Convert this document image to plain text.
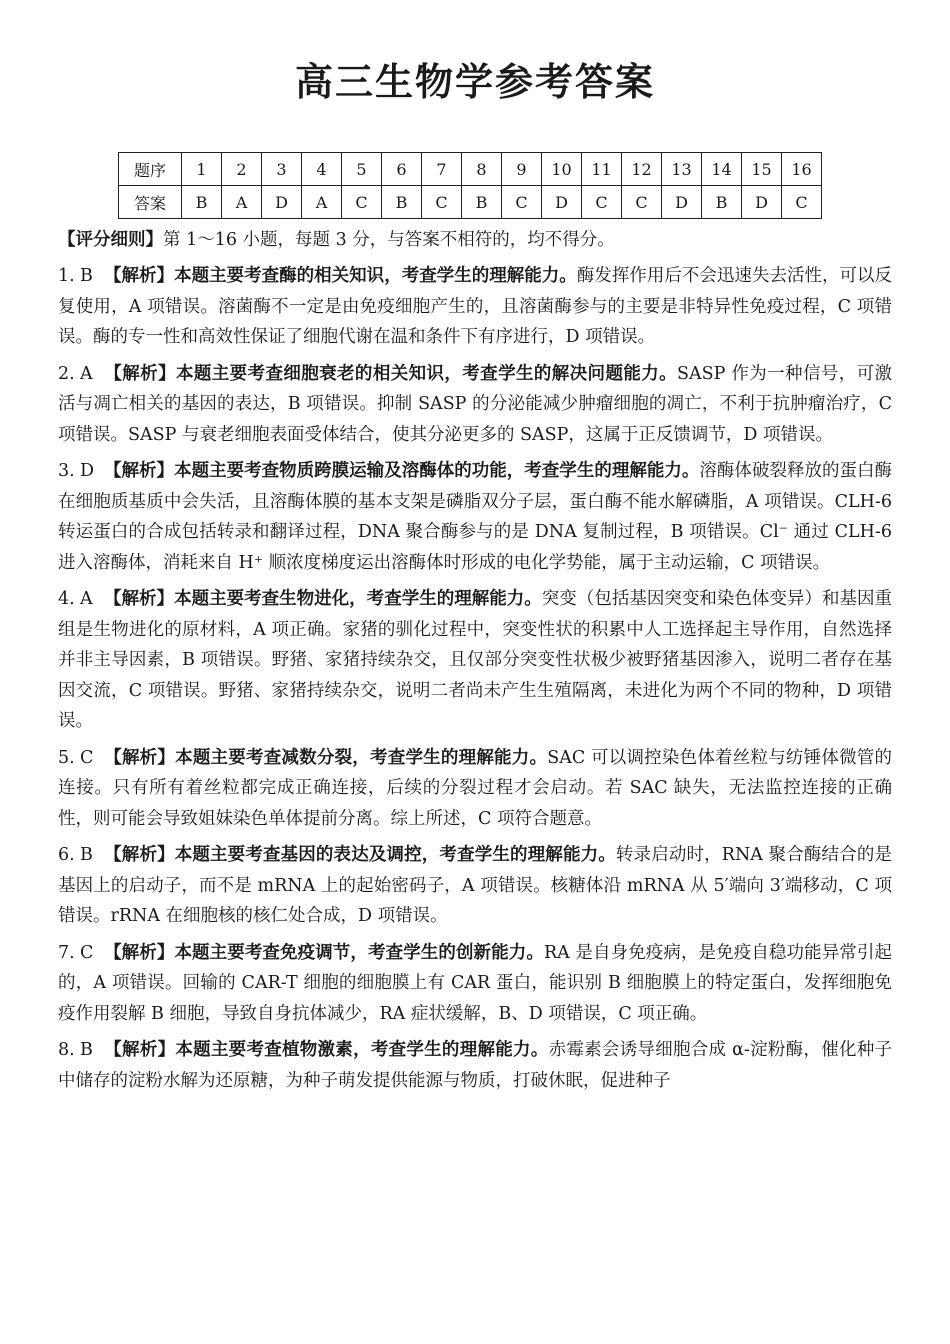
高三生物学参考答案
题序	1	2	3	4	5	6	7	8	9	10	11	12	13	14	15	16
答案	B	A	D	A	C	B	C	B	C	D	C	C	D	B	D	C
【评分细则】第 1～16 小题，每题 3 分，与答案不相符的，均不得分。
1. B 【解析】本题主要考查酶的相关知识，考查学生的理解能力。酶发挥作用后不会迅速失去活性，可以反复使用，A 项错误。溶菌酶不一定是由免疫细胞产生的，且溶菌酶参与的主要是非特异性免疫过程，C 项错误。酶的专一性和高效性保证了细胞代谢在温和条件下有序进行，D 项错误。
2. A 【解析】本题主要考查细胞衰老的相关知识，考查学生的解决问题能力。SASP 作为一种信号，可激活与凋亡相关的基因的表达，B 项错误。抑制 SASP 的分泌能减少肿瘤细胞的凋亡，不利于抗肿瘤治疗，C 项错误。SASP 与衰老细胞表面受体结合，使其分泌更多的 SASP，这属于正反馈调节，D 项错误。
3. D 【解析】本题主要考查物质跨膜运输及溶酶体的功能，考查学生的理解能力。溶酶体破裂释放的蛋白酶在细胞质基质中会失活，且溶酶体膜的基本支架是磷脂双分子层，蛋白酶不能水解磷脂，A 项错误。CLH-6 转运蛋白的合成包括转录和翻译过程，DNA 聚合酶参与的是 DNA 复制过程，B 项错误。Cl⁻ 通过 CLH-6 进入溶酶体，消耗来自 H⁺ 顺浓度梯度运出溶酶体时形成的电化学势能，属于主动运输，C 项错误。
4. A 【解析】本题主要考查生物进化，考查学生的理解能力。突变（包括基因突变和染色体变异）和基因重组是生物进化的原材料，A 项正确。家猪的驯化过程中，突变性状的积累中人工选择起主导作用，自然选择并非主导因素，B 项错误。野猪、家猪持续杂交，且仅部分突变性状极少被野猪基因渗入，说明二者存在基因交流，C 项错误。野猪、家猪持续杂交，说明二者尚未产生生殖隔离，未进化为两个不同的物种，D 项错误。
5. C 【解析】本题主要考查减数分裂，考查学生的理解能力。SAC 可以调控染色体着丝粒与纺锤体微管的连接。只有所有着丝粒都完成正确连接，后续的分裂过程才会启动。若 SAC 缺失，无法监控连接的正确性，则可能会导致姐妹染色单体提前分离。综上所述，C 项符合题意。
6. B 【解析】本题主要考查基因的表达及调控，考查学生的理解能力。转录启动时，RNA 聚合酶结合的是基因上的启动子，而不是 mRNA 上的起始密码子，A 项错误。核糖体沿 mRNA 从 5′端向 3′端移动，C 项错误。rRNA 在细胞核的核仁处合成，D 项错误。
7. C 【解析】本题主要考查免疫调节，考查学生的创新能力。RA 是自身免疫病，是免疫自稳功能异常引起的，A 项错误。回输的 CAR-T 细胞的细胞膜上有 CAR 蛋白，能识别 B 细胞膜上的特定蛋白，发挥细胞免疫作用裂解 B 细胞，导致自身抗体减少，RA 症状缓解，B、D 项错误，C 项正确。
8. B 【解析】本题主要考查植物激素，考查学生的理解能力。赤霉素会诱导细胞合成 α-淀粉酶，催化种子中储存的淀粉水解为还原糖，为种子萌发提供能源与物质，打破休眠，促进种子
